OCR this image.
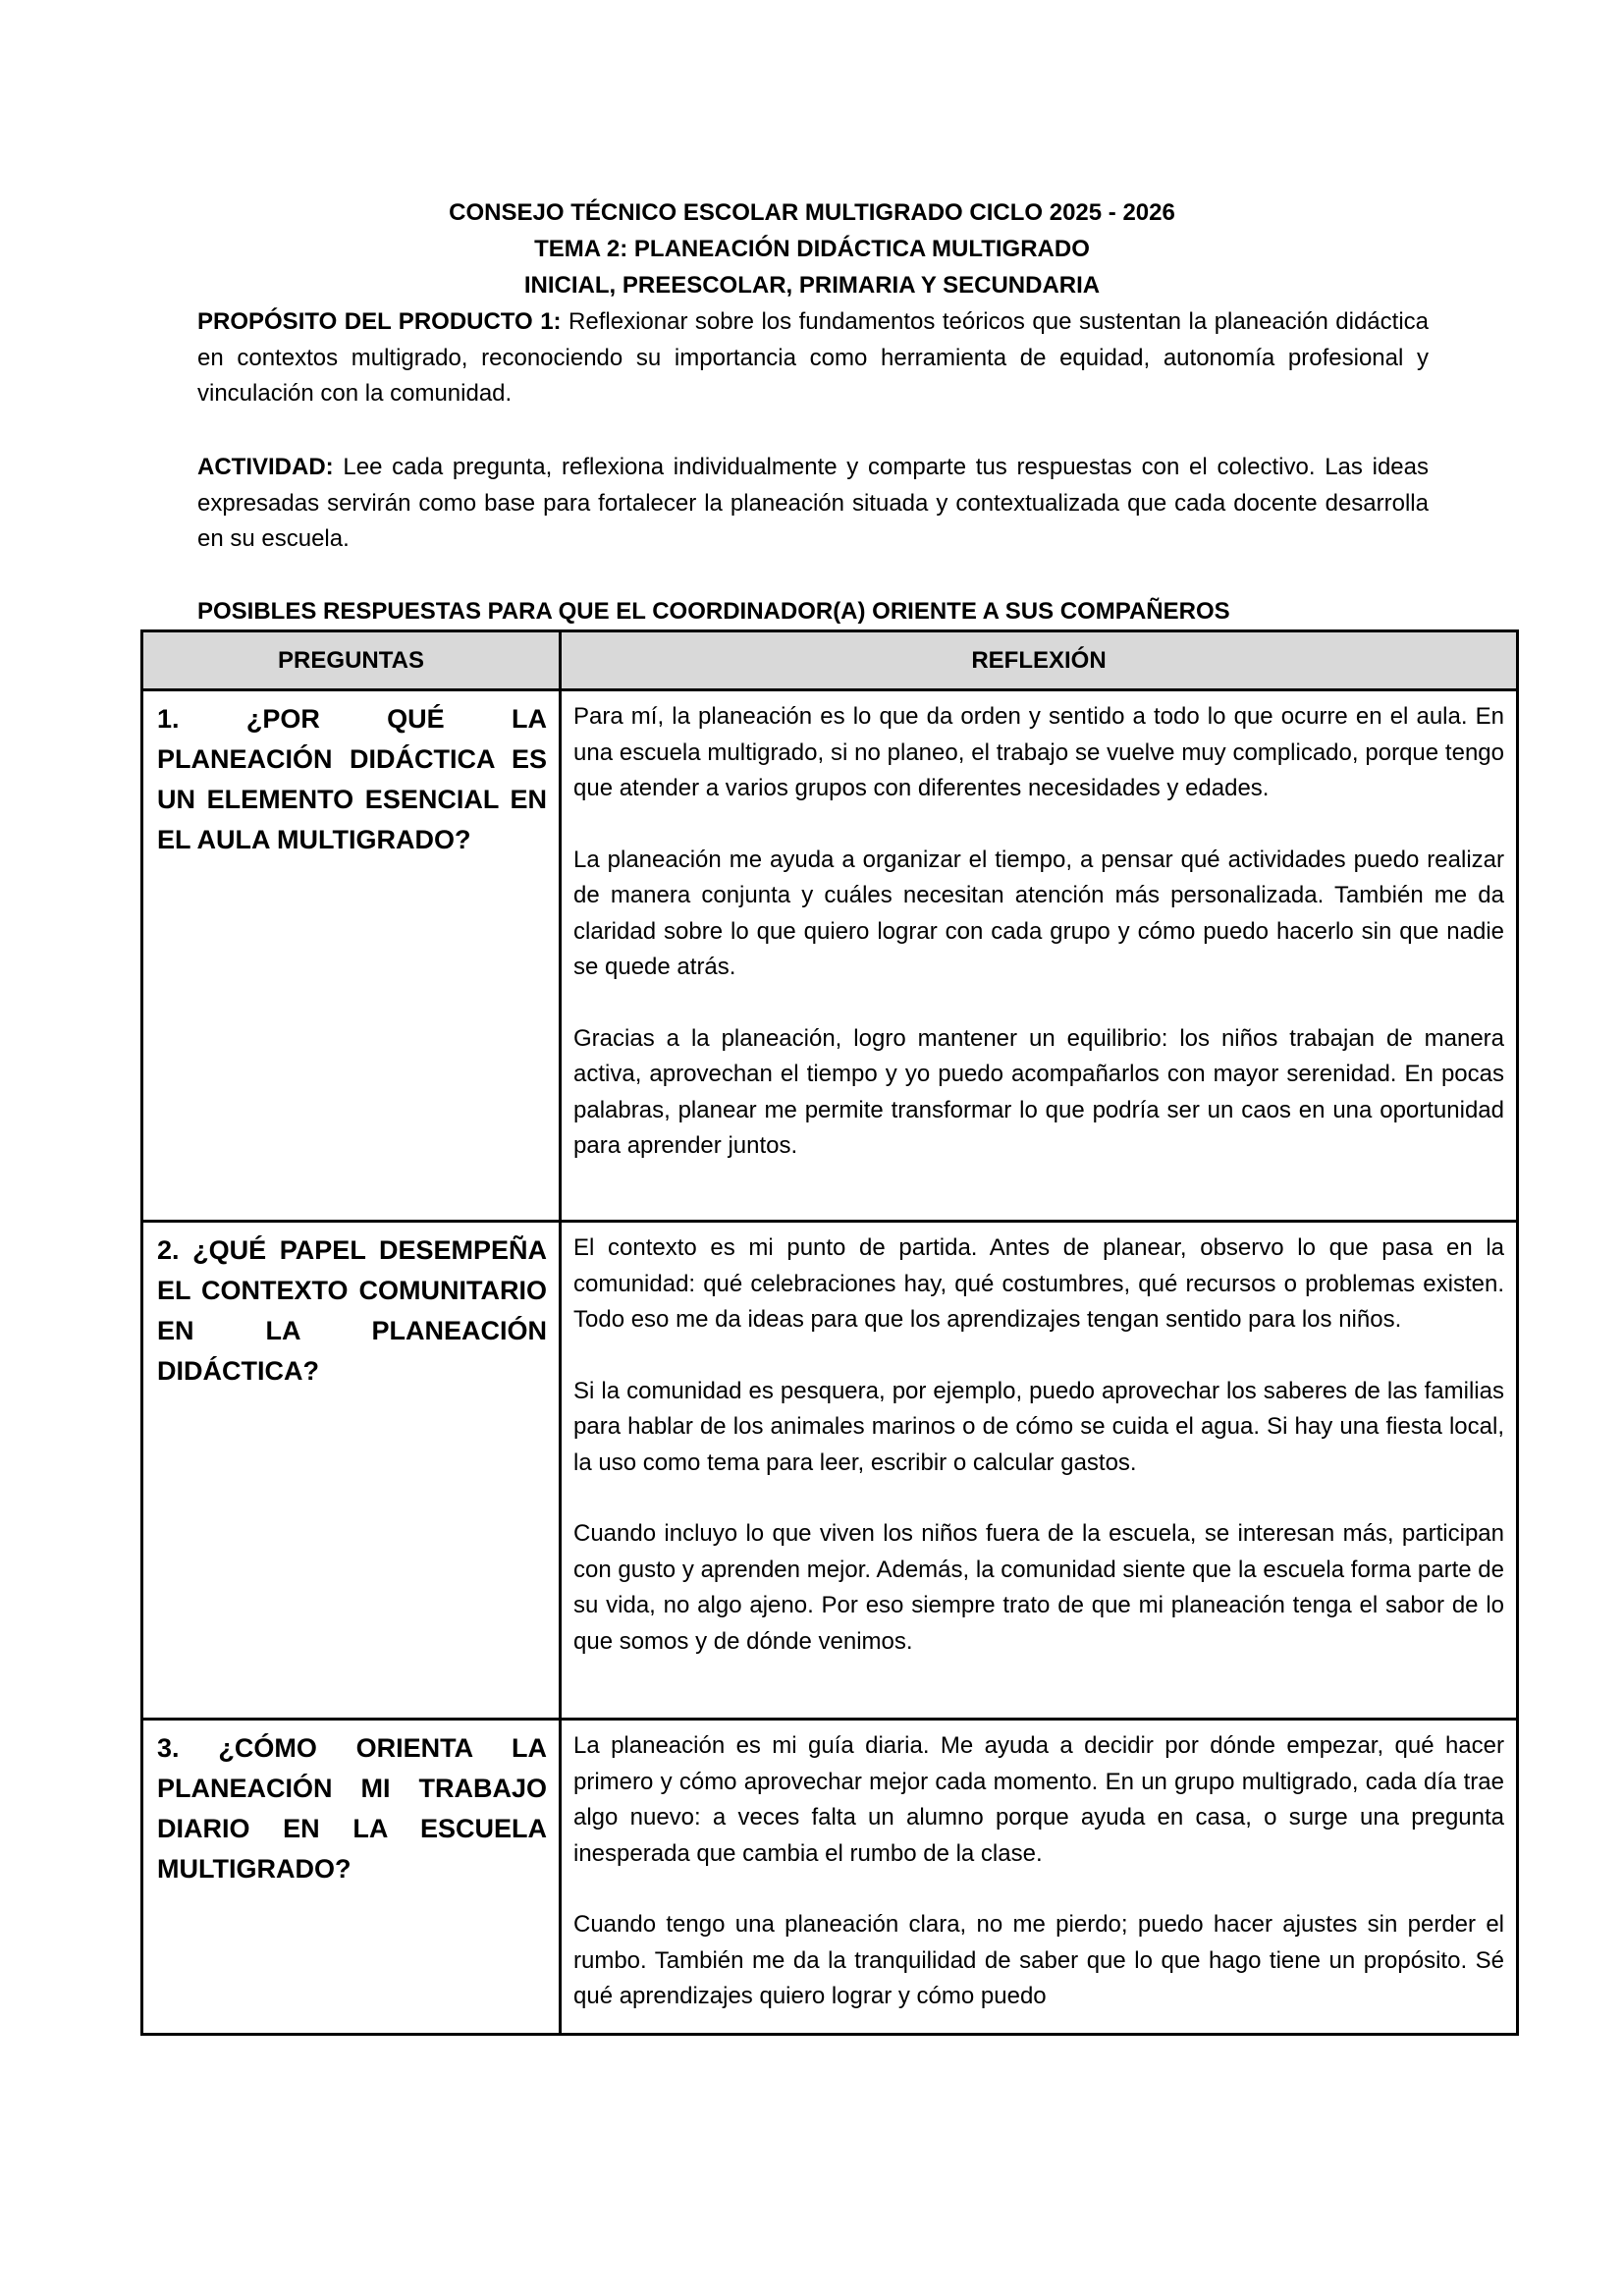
CONSEJO TÉCNICO ESCOLAR MULTIGRADO CICLO 2025 - 2026
TEMA 2: PLANEACIÓN DIDÁCTICA MULTIGRADO
INICIAL, PREESCOLAR, PRIMARIA Y SECUNDARIA
PROPÓSITO DEL PRODUCTO 1: Reflexionar sobre los fundamentos teóricos que sustentan la planeación didáctica en contextos multigrado, reconociendo su importancia como herramienta de equidad, autonomía profesional y vinculación con la comunidad.
ACTIVIDAD: Lee cada pregunta, reflexiona individualmente y comparte tus respuestas con el colectivo. Las ideas expresadas servirán como base para fortalecer la planeación situada y contextualizada que cada docente desarrolla en su escuela.
POSIBLES RESPUESTAS PARA QUE EL COORDINADOR(A) ORIENTE A SUS COMPAÑEROS
PREGUNTAS	REFLEXIÓN
1. ¿POR QUÉ LA PLANEACIÓN DIDÁCTICA ES UN ELEMENTO ESENCIAL EN EL AULA MULTIGRADO?	Para mí, la planeación es lo que da orden y sentido a todo lo que ocurre en el aula. En una escuela multigrado, si no planeo, el trabajo se vuelve muy complicado, porque tengo que atender a varios grupos con diferentes necesidades y edades.

La planeación me ayuda a organizar el tiempo, a pensar qué actividades puedo realizar de manera conjunta y cuáles necesitan atención más personalizada. También me da claridad sobre lo que quiero lograr con cada grupo y cómo puedo hacerlo sin que nadie se quede atrás.

Gracias a la planeación, logro mantener un equilibrio: los niños trabajan de manera activa, aprovechan el tiempo y yo puedo acompañarlos con mayor serenidad. En pocas palabras, planear me permite transformar lo que podría ser un caos en una oportunidad para aprender juntos.

2. ¿QUÉ PAPEL DESEMPEÑA EL CONTEXTO COMUNITARIO EN LA PLANEACIÓN DIDÁCTICA?	El contexto es mi punto de partida. Antes de planear, observo lo que pasa en la comunidad: qué celebraciones hay, qué costumbres, qué recursos o problemas existen. Todo eso me da ideas para que los aprendizajes tengan sentido para los niños.

Si la comunidad es pesquera, por ejemplo, puedo aprovechar los saberes de las familias para hablar de los animales marinos o de cómo se cuida el agua. Si hay una fiesta local, la uso como tema para leer, escribir o calcular gastos.

Cuando incluyo lo que viven los niños fuera de la escuela, se interesan más, participan con gusto y aprenden mejor. Además, la comunidad siente que la escuela forma parte de su vida, no algo ajeno. Por eso siempre trato de que mi planeación tenga el sabor de lo que somos y de dónde venimos.

3. ¿CÓMO ORIENTA LA PLANEACIÓN MI TRABAJO DIARIO EN LA ESCUELA MULTIGRADO?	La planeación es mi guía diaria. Me ayuda a decidir por dónde empezar, qué hacer primero y cómo aprovechar mejor cada momento. En un grupo multigrado, cada día trae algo nuevo: a veces falta un alumno porque ayuda en casa, o surge una pregunta inesperada que cambia el rumbo de la clase.

Cuando tengo una planeación clara, no me pierdo; puedo hacer ajustes sin perder el rumbo. También me da la tranquilidad de saber que lo que hago tiene un propósito. Sé qué aprendizajes quiero lograr y cómo puedo
